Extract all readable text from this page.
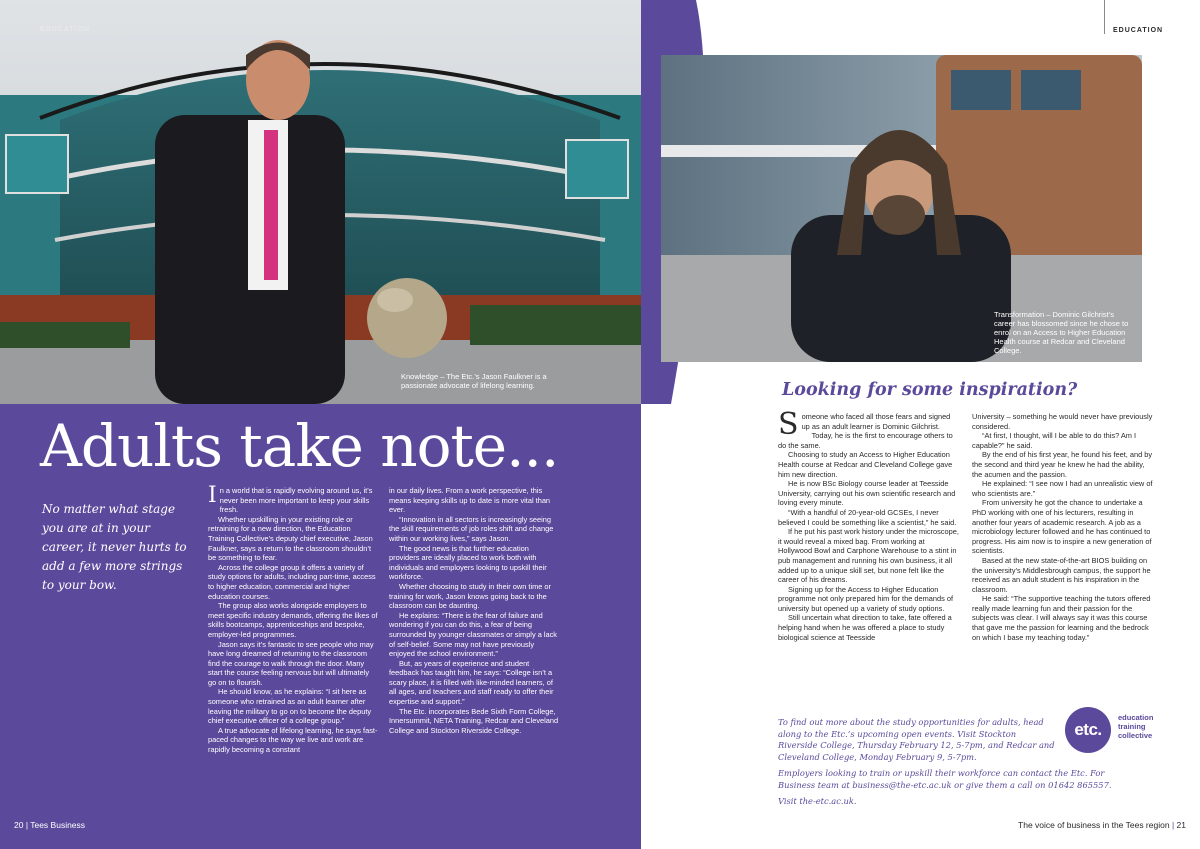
EDUCATION
Knowledge – The Etc.’s Jason Faulkner is a passionate advocate of lifelong learning.
Adults take note...

No matter what stage you are at in your career, it never hurts to add a few more strings to your bow.

In a world that is rapidly evolving around us, it’s never been more important to keep your skills fresh.

Whether upskilling in your existing role or retraining for a new direction, the Education Training Collective’s deputy chief executive, Jason Faulkner, says a return to the classroom shouldn’t be something to fear.

Across the college group it offers a variety of study options for adults, including part-time, access to higher education, commercial and higher education courses.

The group also works alongside employers to meet specific industry demands, offering the likes of skills bootcamps, apprenticeships and bespoke, employer-led programmes.

Jason says it’s fantastic to see people who may have long dreamed of returning to the classroom find the courage to walk through the door. Many start the course feeling nervous but will ultimately go on to flourish.

He should know, as he explains: “I sit here as someone who retrained as an adult learner after leaving the military to go on to become the deputy chief executive officer of a college group.”

A true advocate of lifelong learning, he says fast-paced changes to the way we live and work are rapidly becoming a constant

in our daily lives. From a work perspective, this means keeping skills up to date is more vital than ever.

“Innovation in all sectors is increasingly seeing the skill requirements of job roles shift and change within our working lives,” says Jason.

The good news is that further education providers are ideally placed to work both with individuals and employers looking to upskill their workforce.

Whether choosing to study in their own time or training for work, Jason knows going back to the classroom can be daunting.

He explains: “There is the fear of failure and wondering if you can do this, a fear of being surrounded by younger classmates or simply a lack of self-belief. Some may not have previously enjoyed the school environment.”

But, as years of experience and student feedback has taught him, he says: “College isn’t a scary place, it is filled with like-minded learners, of all ages, and teachers and staff ready to offer their expertise and support.”

The Etc. incorporates Bede Sixth Form College, Innersummit, NETA Training, Redcar and Cleveland College and Stockton Riverside College.

20 | Tees Business
EDUCATION
Transformation – Dominic Gilchrist’s career has blossomed since he chose to enrol on an Access to Higher Education Health course at Redcar and Cleveland College.
Looking for some inspiration?

Someone who faced all those fears and signed up as an adult learner is Dominic Gilchrist.

Today, he is the first to encourage others to do the same.

Choosing to study an Access to Higher Education Health course at Redcar and Cleveland College gave him new direction.

He is now BSc Biology course leader at Teesside University, carrying out his own scientific research and loving every minute.

“With a handful of 20-year-old GCSEs, I never believed I could be something like a scientist,” he said.

If he put his past work history under the microscope, it would reveal a mixed bag. From working at Hollywood Bowl and Carphone Warehouse to a stint in pub management and running his own business, it all added up to a unique skill set, but none felt like the career of his dreams.

Signing up for the Access to Higher Education programme not only prepared him for the demands of university but opened up a variety of study options.

Still uncertain what direction to take, fate offered a helping hand when he was offered a place to study biological science at Teesside

University – something he would never have previously considered.

“At first, I thought, will I be able to do this? Am I capable?” he said.

By the end of his first year, he found his feet, and by the second and third year he knew he had the ability, the acumen and the passion.

He explained: “I see now I had an unrealistic view of who scientists are.”

From university he got the chance to undertake a PhD working with one of his lecturers, resulting in another four years of academic research. A job as a microbiology lecturer followed and he has continued to progress. His aim now is to inspire a new generation of scientists.

Based at the new state-of-the-art BIOS building on the university’s Middlesbrough campus, the support he received as an adult student is his inspiration in the classroom.

He said: “The supportive teaching the tutors offered really made learning fun and their passion for the subjects was clear. I will always say it was this course that gave me the passion for learning and the bedrock on which I base my teaching today.”

To find out more about the study opportunities for adults, head along to the Etc.’s upcoming open events. Visit Stockton Riverside College, Thursday February 12, 5-7pm, and Redcar and Cleveland College, Monday February 9, 5-7pm.

Employers looking to train or upskill their workforce can contact the Etc. For Business team at business@the-etc.ac.uk or give them a call on 01642 865557.

Visit the-etc.ac.uk.

etc.
education
training
collective
The voice of business in the Tees region | 21
